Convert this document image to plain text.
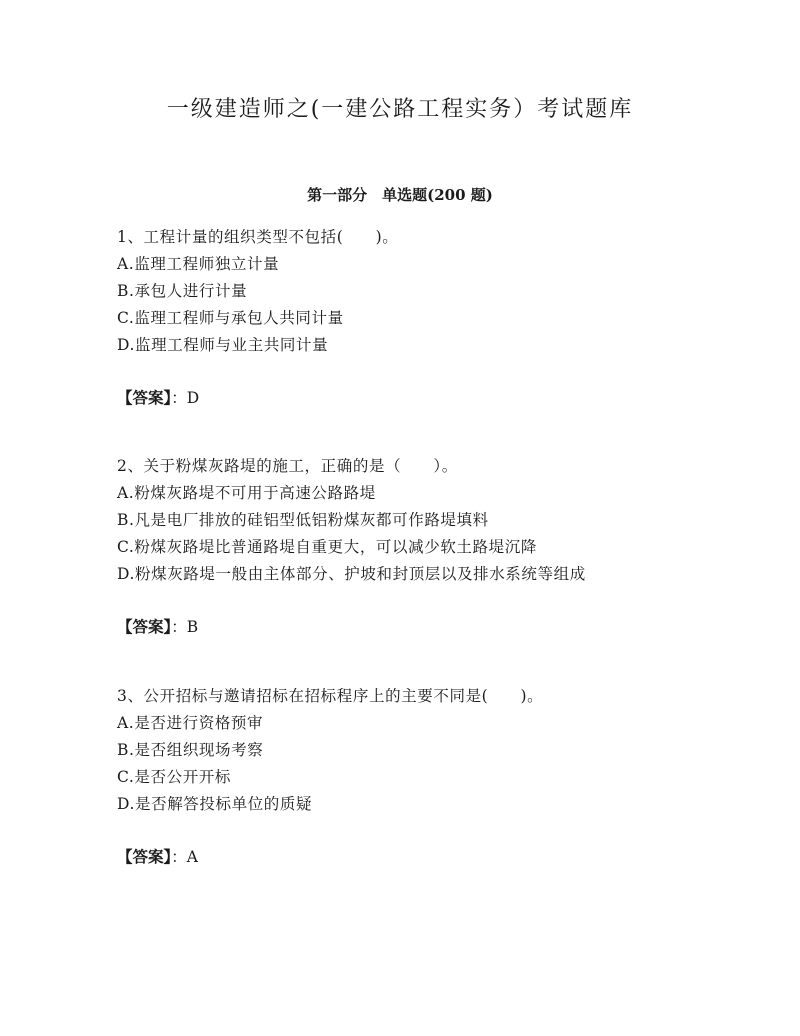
一级建造师之(一建公路工程实务）考试题库
第一部分　单选题(200 题)
1、工程计量的组织类型不包括(　　)。
A.监理工程师独立计量
B.承包人进行计量
C.监理工程师与承包人共同计量
D.监理工程师与业主共同计量
【答案】：D
2、关于粉煤灰路堤的施工，正确的是（　　）。
A.粉煤灰路堤不可用于高速公路路堤
B.凡是电厂排放的硅铝型低铝粉煤灰都可作路堤填料
C.粉煤灰路堤比普通路堤自重更大，可以减少软土路堤沉降
D.粉煤灰路堤一般由主体部分、护坡和封顶层以及排水系统等组成
【答案】：B
3、公开招标与邀请招标在招标程序上的主要不同是(　　)。
A.是否进行资格预审
B.是否组织现场考察
C.是否公开开标
D.是否解答投标单位的质疑
【答案】：A
